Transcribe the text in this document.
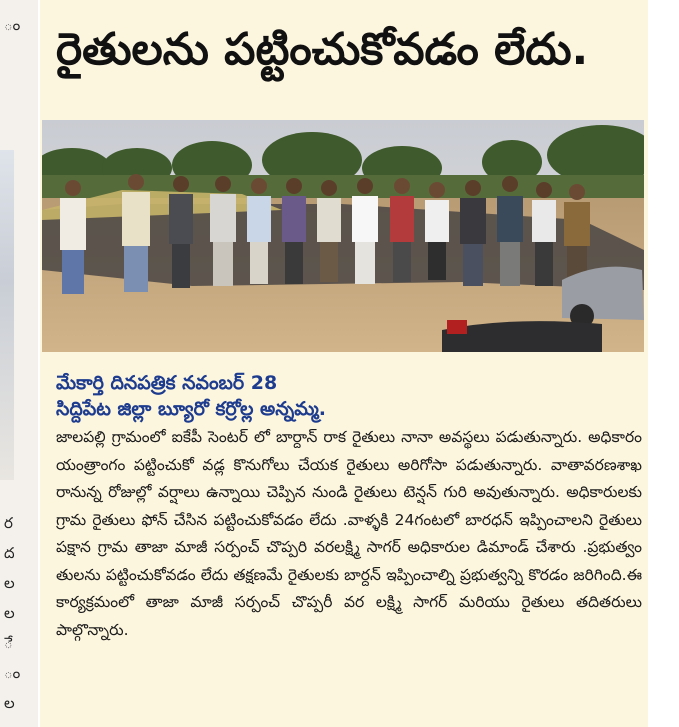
ం
ర
ద
ల
ల
ే
ం
ల
రైతులను పట్టించుకోవడం లేదు.
మేకార్తి దినపత్రిక నవంబర్ 28
సిద్దిపేట జిల్లా బ్యూరో కర్రోల్ల అన్నమ్మ.

జాలపల్లి గ్రామంలో ఐకేపీ సెంటర్ లో బార్దాన్ రాక రైతులు నానా అవస్థలు పడుతున్నారు. అధికారం యంత్రాంగం పట్టించుకో వడ్ల కొనుగోలు చేయక రైతులు అరిగోసా పడుతున్నారు. వాతావరణశాఖ రానున్న రోజుల్లో వర్షాలు ఉన్నాయి చెప్పిన నుండి రైతులు టెన్షన్ గురి అవుతున్నారు. అధికారులకు గ్రామ రైతులు ఫోన్ చేసిన పట్టించుకోవడం లేదు .వాళ్ళకి 24గంటలో బారధన్ ఇప్పించాలని రైతులు పక్షాన గ్రామ తాజా మాజీ సర్పంచ్ చొప్పరి వరలక్ష్మి సాగర్ అధికారుల డిమాండ్ చేశారు .ప్రభుత్వం తులను పట్టించుకోవడం లేదు తక్షణమే రైతులకు బార్దన్ ఇప్పించాల్ని ప్రభుత్వన్ని కొరడం జరిగింది.ఈ కార్యక్రమంలో తాజా మాజీ సర్పంచ్ చొప్పరీ వర లక్ష్మి సాగర్ మరియు రైతులు తదితరులు పాల్గొన్నారు.
